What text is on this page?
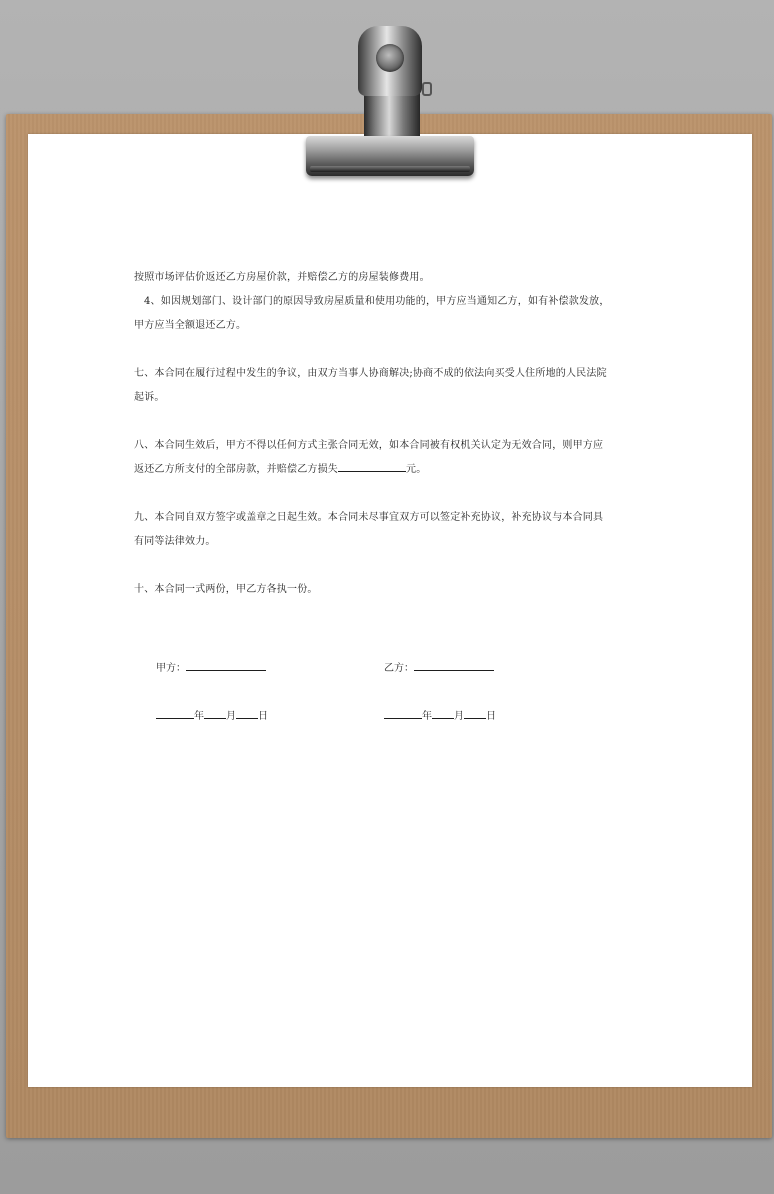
按照市场评估价返还乙方房屋价款，并赔偿乙方的房屋装修费用。

4、如因规划部门、设计部门的原因导致房屋质量和使用功能的，甲方应当通知乙方，如有补偿款发放，

甲方应当全额退还乙方。

七、本合同在履行过程中发生的争议，由双方当事人协商解决;协商不成的依法向买受人住所地的人民法院

起诉。

八、本合同生效后，甲方不得以任何方式主张合同无效，如本合同被有权机关认定为无效合同，则甲方应

返还乙方所支付的全部房款，并赔偿乙方损失	元。

九、本合同自双方签字或盖章之日起生效。本合同未尽事宜双方可以签定补充协议，补充协议与本合同具

有同等法律效力。

十、本合同一式两份，甲乙方各执一份。

甲方：	乙方：
年 月 日	年 月 日
